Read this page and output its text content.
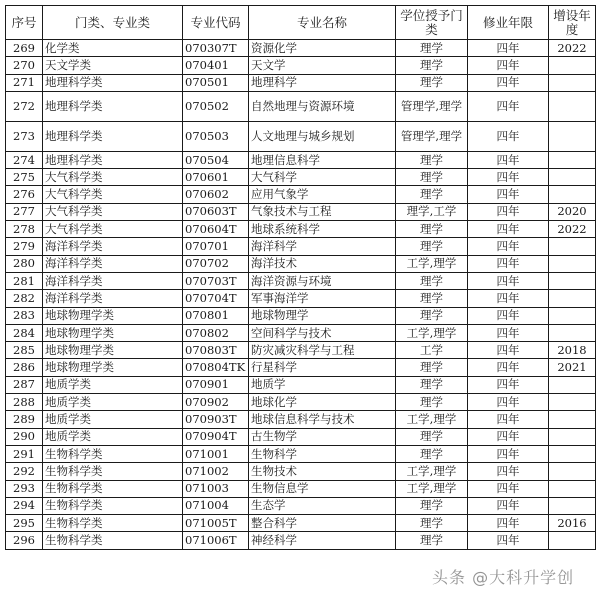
序号	门类、专业类	专业代码	专业名称	学位授予门类	修业年限	增设年度
269	化学类	070307T	资源化学	理学	四年	2022
270	天文学类	070401	天文学	理学	四年	
271	地理科学类	070501	地理科学	理学	四年	
272	地理科学类	070502	自然地理与资源环境	管理学,理学	四年	
273	地理科学类	070503	人文地理与城乡规划	管理学,理学	四年	
274	地理科学类	070504	地理信息科学	理学	四年	
275	大气科学类	070601	大气科学	理学	四年	
276	大气科学类	070602	应用气象学	理学	四年	
277	大气科学类	070603T	气象技术与工程	理学,工学	四年	2020
278	大气科学类	070604T	地球系统科学	理学	四年	2022
279	海洋科学类	070701	海洋科学	理学	四年	
280	海洋科学类	070702	海洋技术	工学,理学	四年	
281	海洋科学类	070703T	海洋资源与环境	理学	四年	
282	海洋科学类	070704T	军事海洋学	理学	四年	
283	地球物理学类	070801	地球物理学	理学	四年	
284	地球物理学类	070802	空间科学与技术	工学,理学	四年	
285	地球物理学类	070803T	防灾减灾科学与工程	工学	四年	2018
286	地球物理学类	070804TK	行星科学	理学	四年	2021
287	地质学类	070901	地质学	理学	四年	
288	地质学类	070902	地球化学	理学	四年	
289	地质学类	070903T	地球信息科学与技术	工学,理学	四年	
290	地质学类	070904T	古生物学	理学	四年	
291	生物科学类	071001	生物科学	理学	四年	
292	生物科学类	071002	生物技术	工学,理学	四年	
293	生物科学类	071003	生物信息学	工学,理学	四年	
294	生物科学类	071004	生态学	理学	四年	
295	生物科学类	071005T	整合科学	理学	四年	2016
296	生物科学类	071006T	神经科学	理学	四年	
头条 @大科升学创
